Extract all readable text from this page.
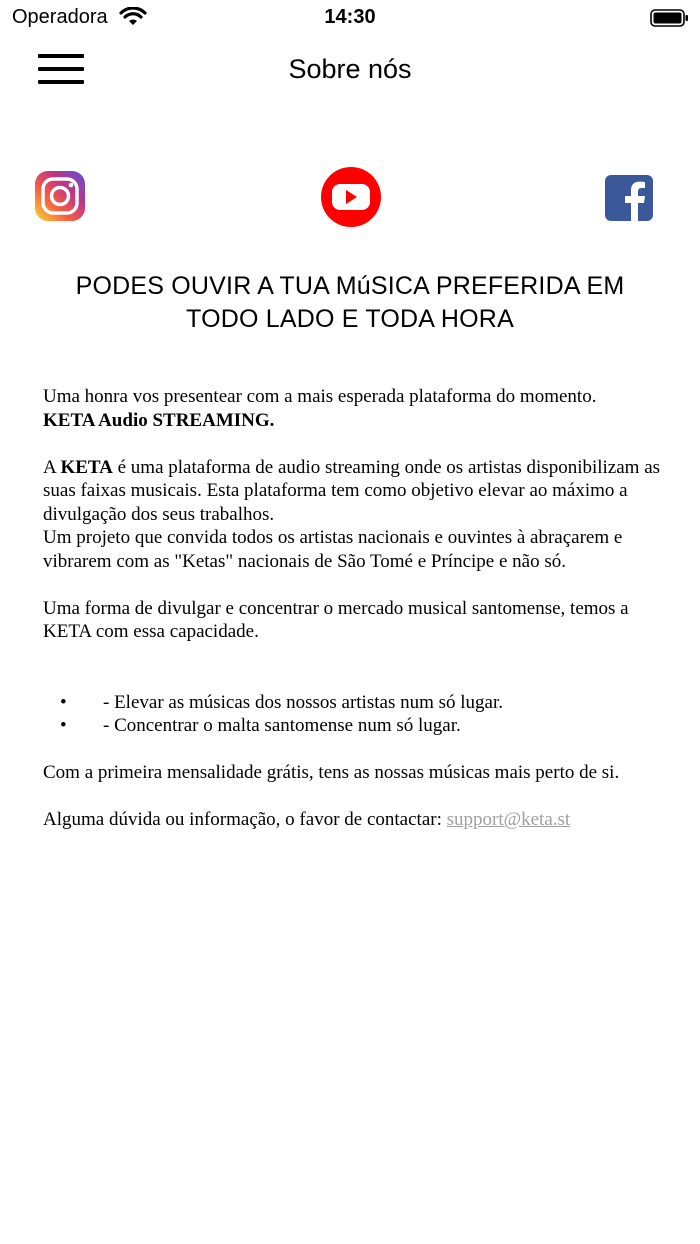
Operadora	14:30
Sobre nós
PODES OUVIR A TUA MúSICA PREFERIDA EM
TODO LADO E TODA HORA

Uma honra vos presentear com a mais esperada plataforma do momento.

KETA Audio STREAMING.

A KETA é uma plataforma de audio streaming onde os artistas disponibilizam as suas faixas musicais. Esta plataforma tem como objetivo elevar ao máximo a divulgação dos seus trabalhos.

Um projeto que convida todos os artistas nacionais e ouvintes à abraçarem e vibrarem com as "Ketas" nacionais de São Tomé e Príncipe e não só.

Uma forma de divulgar e concentrar o mercado musical santomense, temos a KETA com essa capacidade.

• - Elevar as músicas dos nossos artistas num só lugar.
• - Concentrar o malta santomense num só lugar.

Com a primeira mensalidade grátis, tens as nossas músicas mais perto de si.

Alguma dúvida ou informação, o favor de contactar: support@keta.st
